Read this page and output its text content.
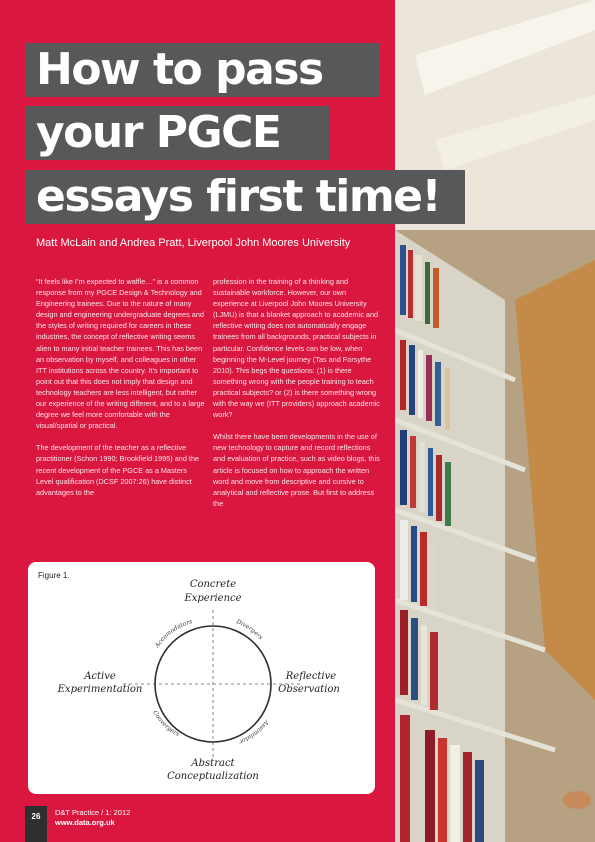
How to pass
your PGCE
essays first time!
Matt McLain and Andrea Pratt, Liverpool John Moores University

“It feels like I’m expected to waffle…” is a common response from my PGCE Design & Technology and Engineering trainees. Due to the nature of many design and engineering undergraduate degrees and the styles of writing required for careers in these industries, the concept of reflective writing seems alien to many initial teacher trainees. This has been an observation by myself, and colleagues in other ITT institutions across the country. It’s important to point out that this does not imply that design and technology teachers are less intelligent, but rather our experience of the writing different, and to a large degree we feel more comfortable with the visual/spatial or practical.

The development of the teacher as a reflective practitioner (Schon 1990; Brookfield 1995) and the recent development of the PGCE as a Masters Level qualification (DCSF 2007:26) have distinct advantages to the

profession in the training of a thinking and sustainable workforce. However, our own experience at Liverpool John Moores University (LJMU) is that a blanket approach to academic and reflective writing does not automatically engage trainees from all backgrounds, practical subjects in particular. Confidence levels can be low, when beginning the M-Level journey (Tas and Forsythe 2010). This begs the questions: (1) is there something wrong with the people training to teach practical subjects? or (2) is there something wrong with the way we (ITT providers) approach academic work?

Whilst there have been developments in the use of new technology to capture and record reflections and evaluation of practice, such as video blogs, this article is focused on how to approach the written word and move from descriptive and cursive to analytical and reflective prose. But first to address the

Figure 1.
Concrete
Experience
Reflective
Observation
Abstract
Conceptualization
Active
Experimentation
Accomodators	Divergers
Assimilator
Convergers
26	D&T Practice / 1: 2012
www.data.org.uk
